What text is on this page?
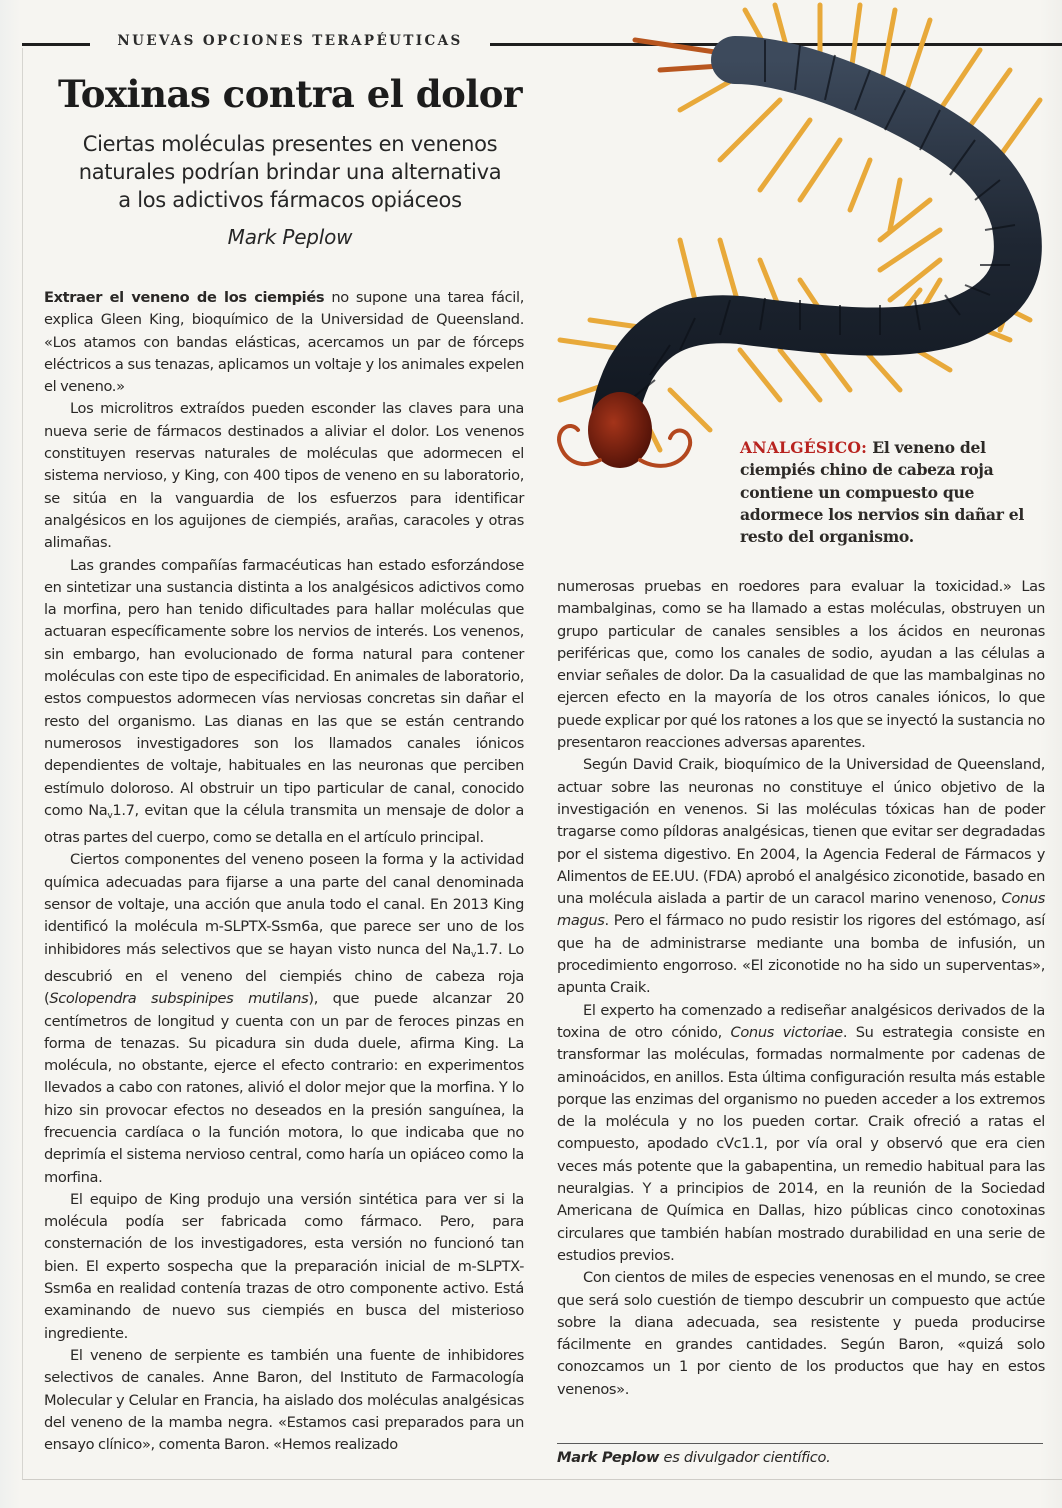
NUEVAS OPCIONES TERAPÉUTICAS
Toxinas contra el dolor
Ciertas moléculas presentes en venenos
naturales podrían brindar una alternativa
a los adictivos fármacos opiáceos
Mark Peplow
ANALGÉSICO: El veneno del ciempiés chino de cabeza roja contiene un compuesto que adormece los nervios sin dañar el resto del organismo.

Extraer el veneno de los ciempiés no supone una tarea fácil, explica Gleen King, bioquímico de la Universidad de Queensland. «Los atamos con bandas elásticas, acercamos un par de fórceps eléctricos a sus tenazas, aplicamos un voltaje y los animales expelen el veneno.»

Los microlitros extraídos pueden esconder las claves para una nueva serie de fármacos destinados a aliviar el dolor. Los venenos constituyen reservas naturales de moléculas que adormecen el sistema nervioso, y King, con 400 tipos de veneno en su laboratorio, se sitúa en la vanguardia de los esfuerzos para identificar analgésicos en los aguijones de ciempiés, arañas, caracoles y otras alimañas.

Las grandes compañías farmacéuticas han estado esforzándose en sintetizar una sustancia distinta a los analgésicos adictivos como la morfina, pero han tenido dificultades para hallar moléculas que actuaran específicamente sobre los nervios de interés. Los venenos, sin embargo, han evolucionado de forma natural para contener moléculas con este tipo de especificidad. En animales de laboratorio, estos compuestos adormecen vías nerviosas concretas sin dañar el resto del organismo. Las dianas en las que se están centrando numerosos investigadores son los llamados canales iónicos dependientes de voltaje, habituales en las neuronas que perciben estímulo doloroso. Al obstruir un tipo particular de canal, conocido como $Na_v1.7$, evitan que la célula transmita un mensaje de dolor a otras partes del cuerpo, como se detalla en el artículo principal.

Ciertos componentes del veneno poseen la forma y la actividad química adecuadas para fijarse a una parte del canal denominada sensor de voltaje, una acción que anula todo el canal. En 2013 King identificó la molécula m-SLPTX-Ssm6a, que parece ser uno de los inhibidores más selectivos que se hayan visto nunca del $Na_v1.7$. Lo descubrió en el veneno del ciempiés chino de cabeza roja (Scolopendra subspinipes mutilans), que puede alcanzar 20 centímetros de longitud y cuenta con un par de feroces pinzas en forma de tenazas. Su picadura sin duda duele, afirma King. La molécula, no obstante, ejerce el efecto contrario: en experimentos llevados a cabo con ratones, alivió el dolor mejor que la morfina. Y lo hizo sin provocar efectos no deseados en la presión sanguínea, la frecuencia cardíaca o la función motora, lo que indicaba que no deprimía el sistema nervioso central, como haría un opiáceo como la morfina.

El equipo de King produjo una versión sintética para ver si la molécula podía ser fabricada como fármaco. Pero, para consternación de los investigadores, esta versión no funcionó tan bien. El experto sospecha que la preparación inicial de m-SLPTX-Ssm6a en realidad contenía trazas de otro componente activo. Está examinando de nuevo sus ciempiés en busca del misterioso ingrediente.

El veneno de serpiente es también una fuente de inhibidores selectivos de canales. Anne Baron, del Instituto de Farmacología Molecular y Celular en Francia, ha aislado dos moléculas analgésicas del veneno de la mamba negra. «Estamos casi preparados para un ensayo clínico», comenta Baron. «Hemos realizado

numerosas pruebas en roedores para evaluar la toxicidad.» Las mambalginas, como se ha llamado a estas moléculas, obstruyen un grupo particular de canales sensibles a los ácidos en neuronas periféricas que, como los canales de sodio, ayudan a las células a enviar señales de dolor. Da la casualidad de que las mambalginas no ejercen efecto en la mayoría de los otros canales iónicos, lo que puede explicar por qué los ratones a los que se inyectó la sustancia no presentaron reacciones adversas aparentes.

Según David Craik, bioquímico de la Universidad de Queensland, actuar sobre las neuronas no constituye el único objetivo de la investigación en venenos. Si las moléculas tóxicas han de poder tragarse como píldoras analgésicas, tienen que evitar ser degradadas por el sistema digestivo. En 2004, la Agencia Federal de Fármacos y Alimentos de EE.UU. (FDA) aprobó el analgésico ziconotide, basado en una molécula aislada a partir de un caracol marino venenoso, Conus magus. Pero el fármaco no pudo resistir los rigores del estómago, así que ha de administrarse mediante una bomba de infusión, un procedimiento engorroso. «El ziconotide no ha sido un superventas», apunta Craik.

El experto ha comenzado a rediseñar analgésicos derivados de la toxina de otro cónido, Conus victoriae. Su estrategia consiste en transformar las moléculas, formadas normalmente por cadenas de aminoácidos, en anillos. Esta última configuración resulta más estable porque las enzimas del organismo no pueden acceder a los extremos de la molécula y no los pueden cortar. Craik ofreció a ratas el compuesto, apodado cVc1.1, por vía oral y observó que era cien veces más potente que la gabapentina, un remedio habitual para las neuralgias. Y a principios de 2014, en la reunión de la Sociedad Americana de Química en Dallas, hizo públicas cinco conotoxinas circulares que también habían mostrado durabilidad en una serie de estudios previos.

Con cientos de miles de especies venenosas en el mundo, se cree que será solo cuestión de tiempo descubrir un compuesto que actúe sobre la diana adecuada, sea resistente y pueda producirse fácilmente en grandes cantidades. Según Baron, «quizá solo conozcamos un 1 por ciento de los productos que hay en estos venenos».

Mark Peplow es divulgador científico.
